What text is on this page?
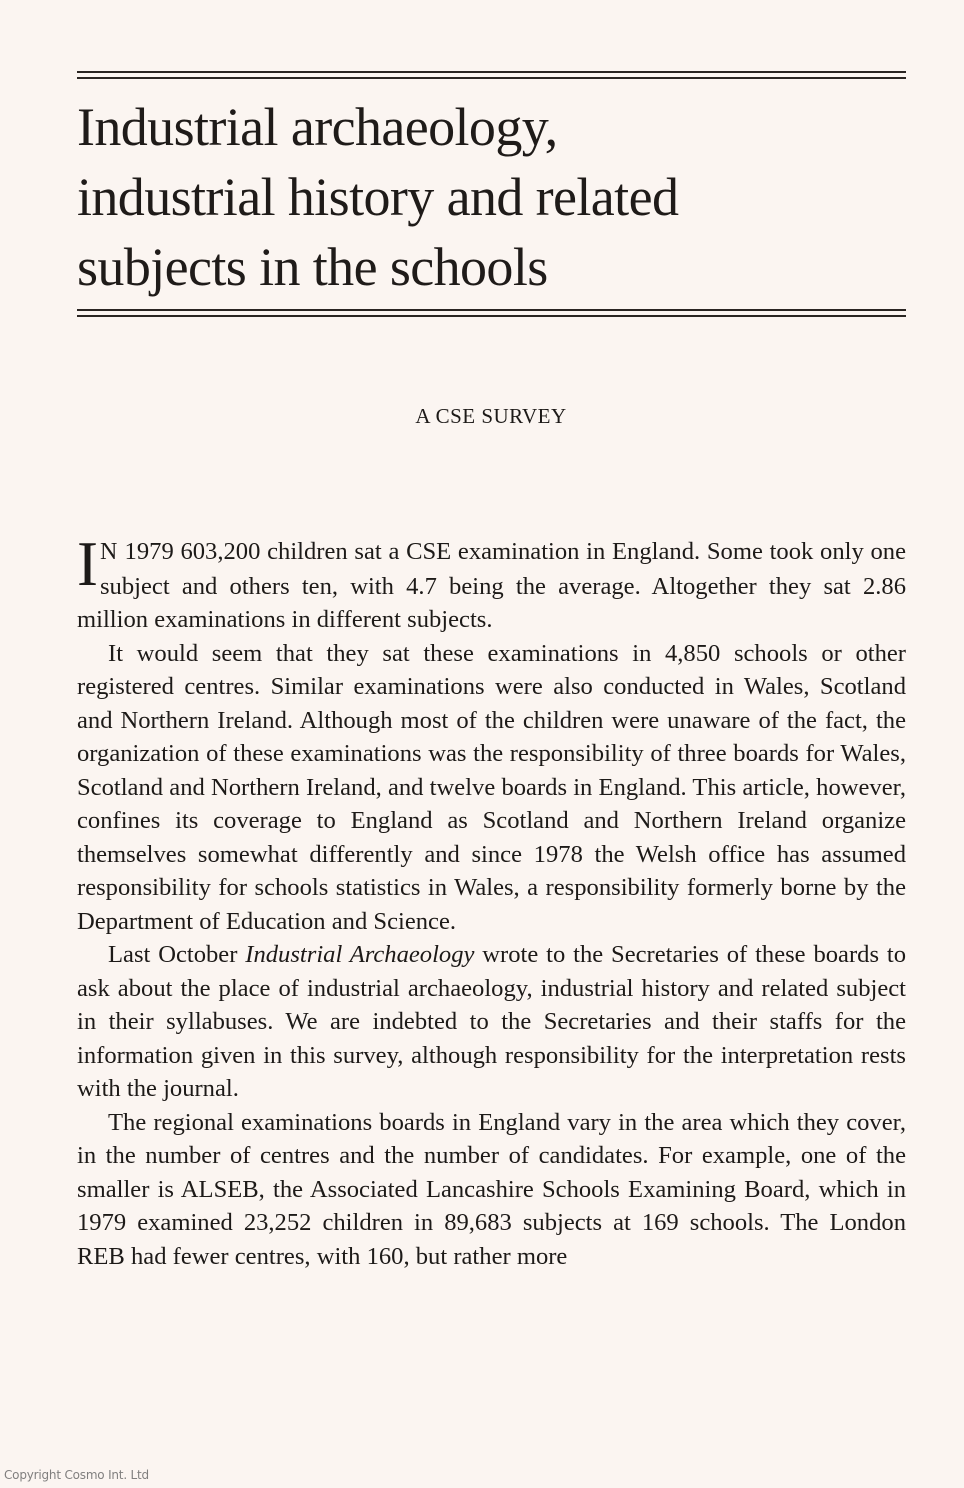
Industrial archaeology,
industrial history and related
subjects in the schools
A CSE SURVEY

I N 1979 603,200 children sat a CSE examination in England. Some took only one subject and others ten, with 4.7 being the average. Altogether they sat 2.86 million examinations in different subjects.

It would seem that they sat these examinations in 4,850 schools or other registered centres. Similar examinations were also conducted in Wales, Scotland and Northern Ireland. Although most of the children were unaware of the fact, the organization of these examinations was the responsibility of three boards for Wales, Scotland and Northern Ireland, and twelve boards in England. This article, however, confines its coverage to England as Scotland and Northern Ireland organize themselves somewhat differently and since 1978 the Welsh office has assumed responsibility for schools statistics in Wales, a responsibility formerly borne by the Department of Education and Science.

Last October Industrial Archaeology wrote to the Secretaries of these boards to ask about the place of industrial archaeology, industrial history and related subject in their syllabuses. We are indebted to the Secretaries and their staffs for the information given in this survey, although responsibility for the interpretation rests with the journal.

The regional examinations boards in England vary in the area which they cover, in the number of centres and the number of candidates. For example, one of the smaller is ALSEB, the Associated Lancashire Schools Examining Board, which in 1979 examined 23,252 children in 89,683 subjects at 169 schools. The London REB had fewer centres, with 160, but rather more

Copyright Cosmo Int. Ltd
